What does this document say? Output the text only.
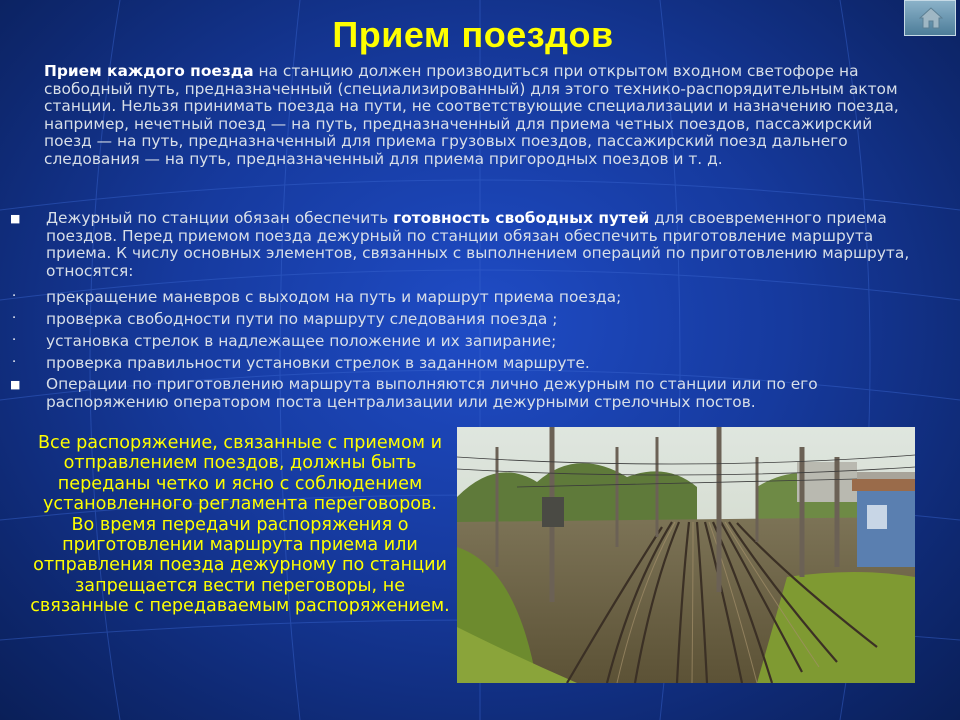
Прием поездов

Прием каждого поезда на станцию должен производиться при открытом входном светофоре на свободный путь, предназначенный (специализированный) для этого технико-распорядительным актом станции. Нельзя принимать поезда на пути, не соответствующие специализации и назначению поезда, например, нечетный поезд — на путь, предназначенный для приема четных поездов, пассажирский поезд — на путь, предназначенный для приема грузовых поездов, пассажирский поезд дальнего следования — на путь, предназначенный для приема пригородных поездов и т. д.

■ Дежурный по станции обязан обеспечить готовность свободных путей для своевременного приема поездов. Перед приемом поезда дежурный по станции обязан обеспечить приготовление маршрута приема. К числу основных элементов, связанных с выполнением операций по приготовлению маршрута, относятся:
· прекращение маневров с выходом на путь и маршрут приема поезда;
· проверка свободности пути по маршруту следования поезда ;
· установка стрелок в надлежащее положение и их запирание;
· проверка правильности установки стрелок в заданном маршруте.
■ Операции по приготовлению маршрута выполняются лично дежурным по станции или по его распоряжению оператором поста централизации или дежурными стрелочных постов.
Все распоряжение, связанные с приемом и отправлением поездов, должны быть переданы четко и ясно с соблюдением установленного регламента переговоров. Во время передачи распоряжения о приготовлении маршрута приема или отправления поезда дежурному по станции запрещается вести переговоры, не связанные с передаваемым распоряжением.
